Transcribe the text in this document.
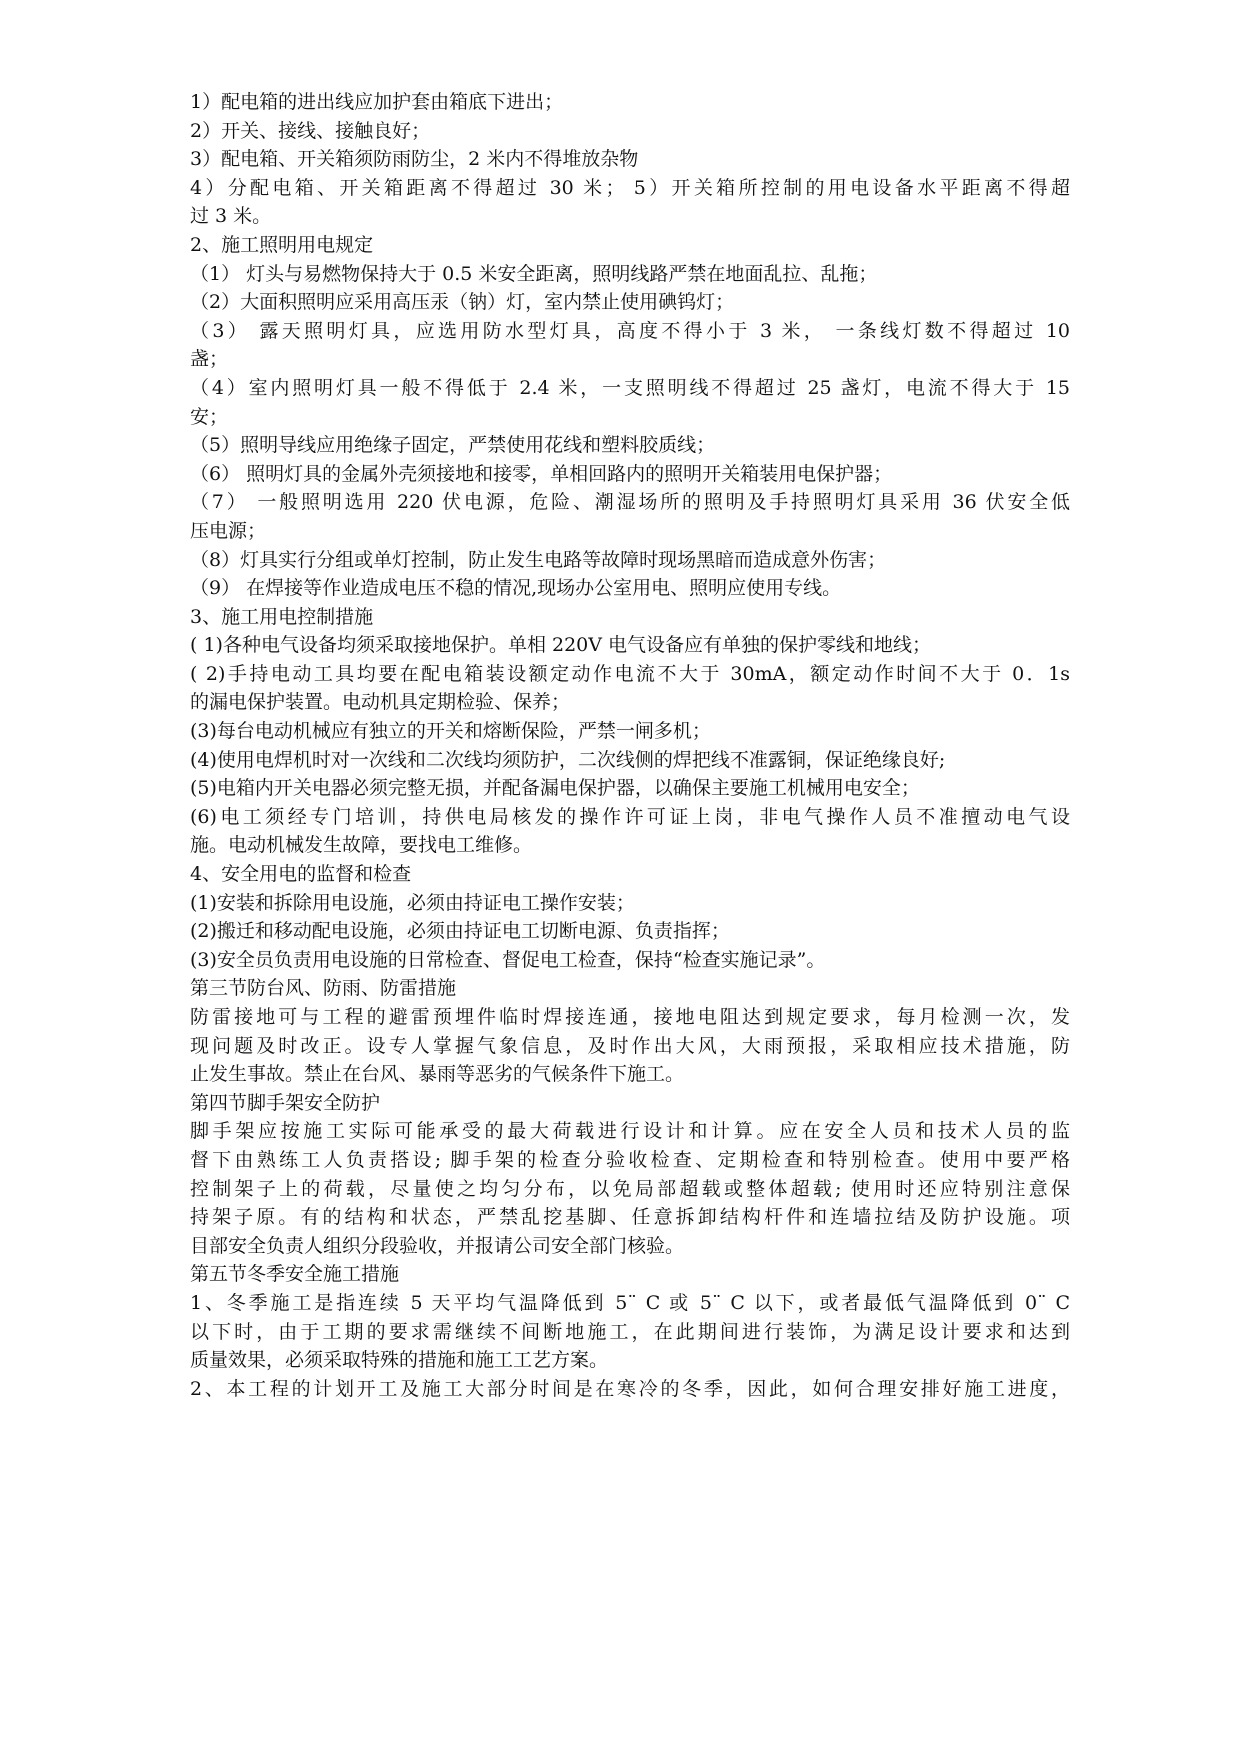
1）配电箱的进出线应加护套由箱底下进出；
2）开关、接线、接触良好；
3）配电箱、开关箱须防雨防尘，2 米内不得堆放杂物
4）分配电箱、开关箱距离不得超过 30 米； 5）开关箱所控制的用电设备水平距离不得超
过 3 米。
2、施工照明用电规定
（1） 灯头与易燃物保持大于 0.5 米安全距离，照明线路严禁在地面乱拉、乱拖；
（2）大面积照明应采用高压汞（钠）灯，室内禁止使用碘钨灯；
（3） 露天照明灯具，应选用防水型灯具，高度不得小于 3 米， 一条线灯数不得超过 10
盏；
（4）室内照明灯具一般不得低于 2.4 米，一支照明线不得超过 25 盏灯，电流不得大于 15
安；
（5）照明导线应用绝缘子固定，严禁使用花线和塑料胶质线；
（6） 照明灯具的金属外壳须接地和接零，单相回路内的照明开关箱装用电保护器；
（7） 一般照明选用 220 伏电源，危险、潮湿场所的照明及手持照明灯具采用 36 伏安全低
压电源；
（8）灯具实行分组或单灯控制，防止发生电路等故障时现场黑暗而造成意外伤害；
（9） 在焊接等作业造成电压不稳的情况,现场办公室用电、照明应使用专线。
3、施工用电控制措施
( 1)各种电气设备均须采取接地保护。单相 220V 电气设备应有单独的保护零线和地线；
( 2)手持电动工具均要在配电箱装设额定动作电流不大于 30mA，额定动作时间不大于 0．1s
的漏电保护装置。电动机具定期检验、保养；
(3)每台电动机械应有独立的开关和熔断保险，严禁一闸多机；
(4)使用电焊机时对一次线和二次线均须防护，二次线侧的焊把线不准露铜，保证绝缘良好;
(5)电箱内开关电器必须完整无损，并配备漏电保护器，以确保主要施工机械用电安全；
(6)电工须经专门培训，持供电局核发的操作许可证上岗，非电气操作人员不准擅动电气设
施。电动机械发生故障，要找电工维修。
4、安全用电的监督和检查
(1)安装和拆除用电设施，必须由持证电工操作安装；
(2)搬迁和移动配电设施，必须由持证电工切断电源、负责指挥；
(3)安全员负责用电设施的日常检查、督促电工检查，保持“检查实施记录”。
第三节防台风、防雨、防雷措施
防雷接地可与工程的避雷预埋件临时焊接连通，接地电阻达到规定要求，每月检测一次，发
现问题及时改正。设专人掌握气象信息，及时作出大风，大雨预报，采取相应技术措施，防
止发生事故。禁止在台风、暴雨等恶劣的气候条件下施工。
第四节脚手架安全防护
脚手架应按施工实际可能承受的最大荷载进行设计和计算。应在安全人员和技术人员的监
督下由熟练工人负责搭设; 脚手架的检查分验收检查、定期检查和特别检查。使用中要严格
控制架子上的荷载，尽量使之均匀分布，以免局部超载或整体超载; 使用时还应特别注意保
持架子原。有的结构和状态，严禁乱挖基脚、任意拆卸结构杆件和连墙拉结及防护设施。项
目部安全负责人组织分段验收，并报请公司安全部门核验。
第五节冬季安全施工措施
1、冬季施工是指连续 5 天平均气温降低到 5¨ C 或 5¨ C 以下，或者最低气温降低到 0¨ C
以下时，由于工期的要求需继续不间断地施工，在此期间进行装饰，为满足设计要求和达到
质量效果，必须采取特殊的措施和施工工艺方案。
2、本工程的计划开工及施工大部分时间是在寒冷的冬季，因此，如何合理安排好施工进度，
